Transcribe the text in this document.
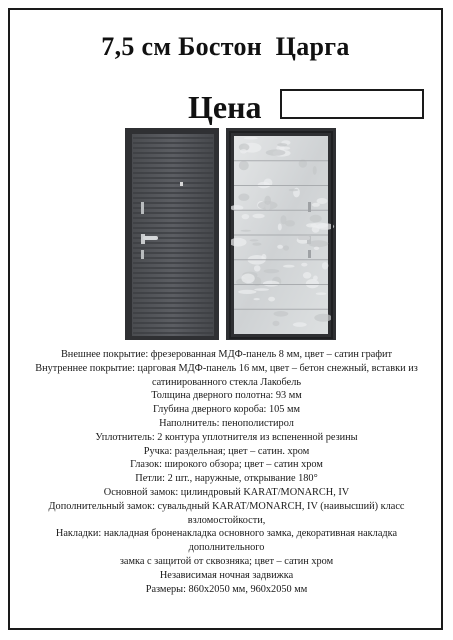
7,5 см Бостон  Царга
Цена
Внешнее покрытие: фрезерованная МДФ-панель 8 мм, цвет – сатин графит
Внутреннее покрытие: царговая МДФ-панель 16 мм, цвет – бетон снежный, вставки из
сатинированного стекла Лакобель
Толщина дверного полотна: 93 мм
Глубина дверного короба: 105 мм
Наполнитель: пенополистирол
Уплотнитель: 2 контура уплотнителя из вспененной резины
Ручка: раздельная; цвет – сатин. хром
Глазок: широкого обзора; цвет – сатин хром
Петли: 2 шт., наружные, открывание 180°
Основной замок: цилиндровый KARAT/MONARCH, IV
Дополнительный замок: сувальдный KARAT/MONARCH, IV (наивысший) класс
взломостойкости,
Накладки: накладная броненакладка основного замка, декоративная накладка
дополнительного
замка с защитой от сквозняка; цвет – сатин хром
Независимая ночная задвижка
Размеры: 860х2050 мм, 960х2050 мм
